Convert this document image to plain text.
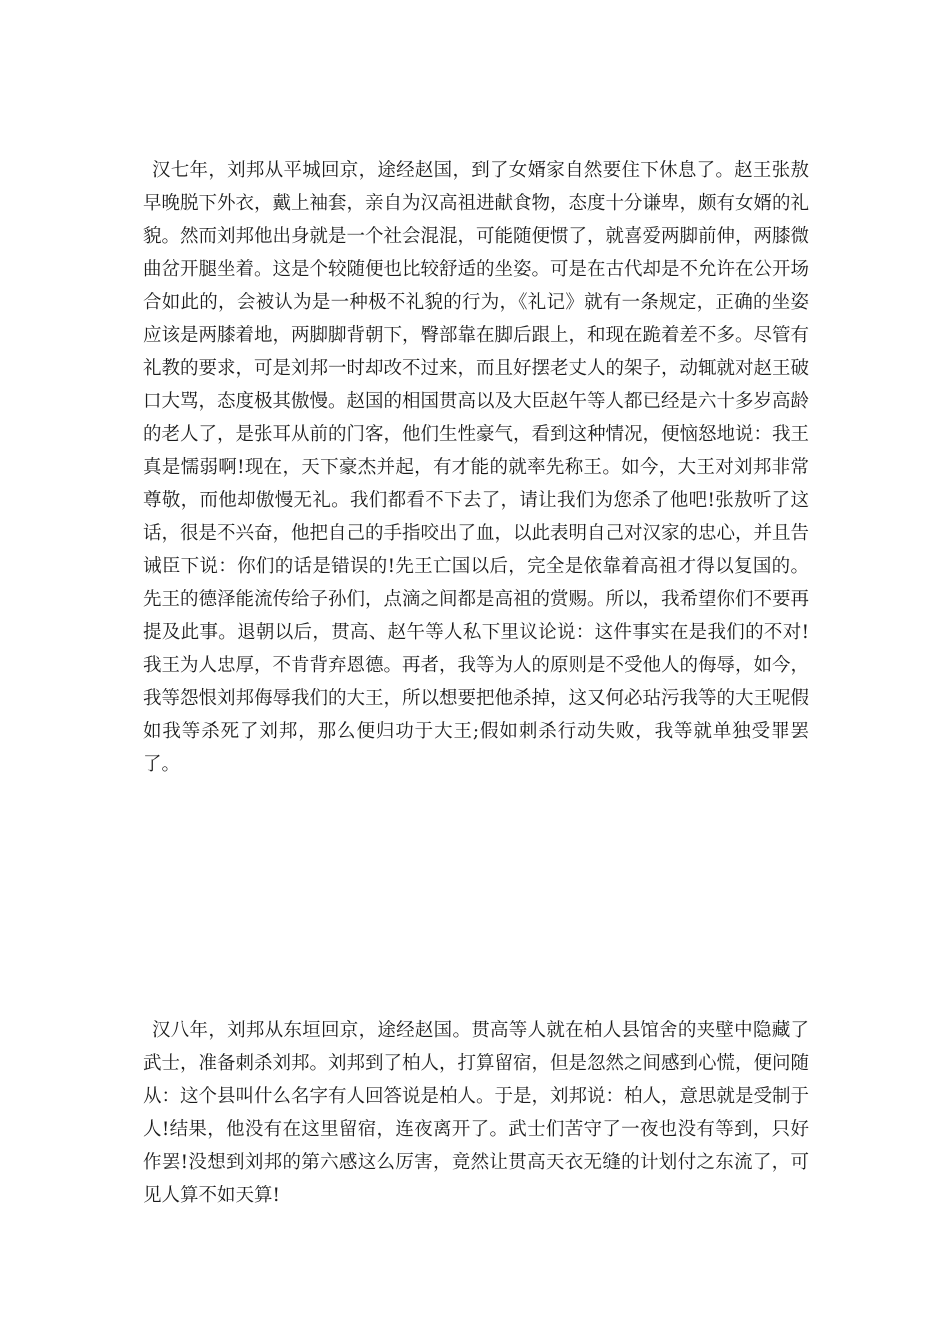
汉七年，刘邦从平城回京，途经赵国，到了女婿家自然要住下休息了。赵王张敖早晚脱下外衣，戴上袖套，亲自为汉高祖进献食物，态度十分谦卑，颇有女婿的礼貌。然而刘邦他出身就是一个社会混混，可能随便惯了，就喜爱两脚前伸，两膝微曲岔开腿坐着。这是个较随便也比较舒适的坐姿。可是在古代却是不允许在公开场合如此的，会被认为是一种极不礼貌的行为，《礼记》就有一条规定，正确的坐姿应该是两膝着地，两脚脚背朝下，臀部靠在脚后跟上，和现在跪着差不多。尽管有礼教的要求，可是刘邦一时却改不过来，而且好摆老丈人的架子，动辄就对赵王破口大骂，态度极其傲慢。赵国的相国贯高以及大臣赵午等人都已经是六十多岁高龄的老人了，是张耳从前的门客，他们生性豪气，看到这种情况，便恼怒地说：我王真是懦弱啊!现在，天下豪杰并起，有才能的就率先称王。如今，大王对刘邦非常尊敬，而他却傲慢无礼。我们都看不下去了，请让我们为您杀了他吧!张敖听了这话，很是不兴奋，他把自己的手指咬出了血，以此表明自己对汉家的忠心，并且告诫臣下说：你们的话是错误的!先王亡国以后，完全是依靠着高祖才得以复国的。先王的德泽能流传给子孙们，点滴之间都是高祖的赏赐。所以，我希望你们不要再提及此事。退朝以后，贯高、赵午等人私下里议论说：这件事实在是我们的不对!我王为人忠厚，不肯背弃恩德。再者，我等为人的原则是不受他人的侮辱，如今，我等怨恨刘邦侮辱我们的大王，所以想要把他杀掉，这又何必玷污我等的大王呢假如我等杀死了刘邦，那么便归功于大王;假如刺杀行动失败，我等就单独受罪罢了。

汉八年，刘邦从东垣回京，途经赵国。贯高等人就在柏人县馆舍的夹壁中隐藏了武士，准备刺杀刘邦。刘邦到了柏人，打算留宿，但是忽然之间感到心慌，便问随从：这个县叫什么名字有人回答说是柏人。于是，刘邦说：柏人，意思就是受制于人!结果，他没有在这里留宿，连夜离开了。武士们苦守了一夜也没有等到，只好作罢!没想到刘邦的第六感这么厉害，竟然让贯高天衣无缝的计划付之东流了，可见人算不如天算!
